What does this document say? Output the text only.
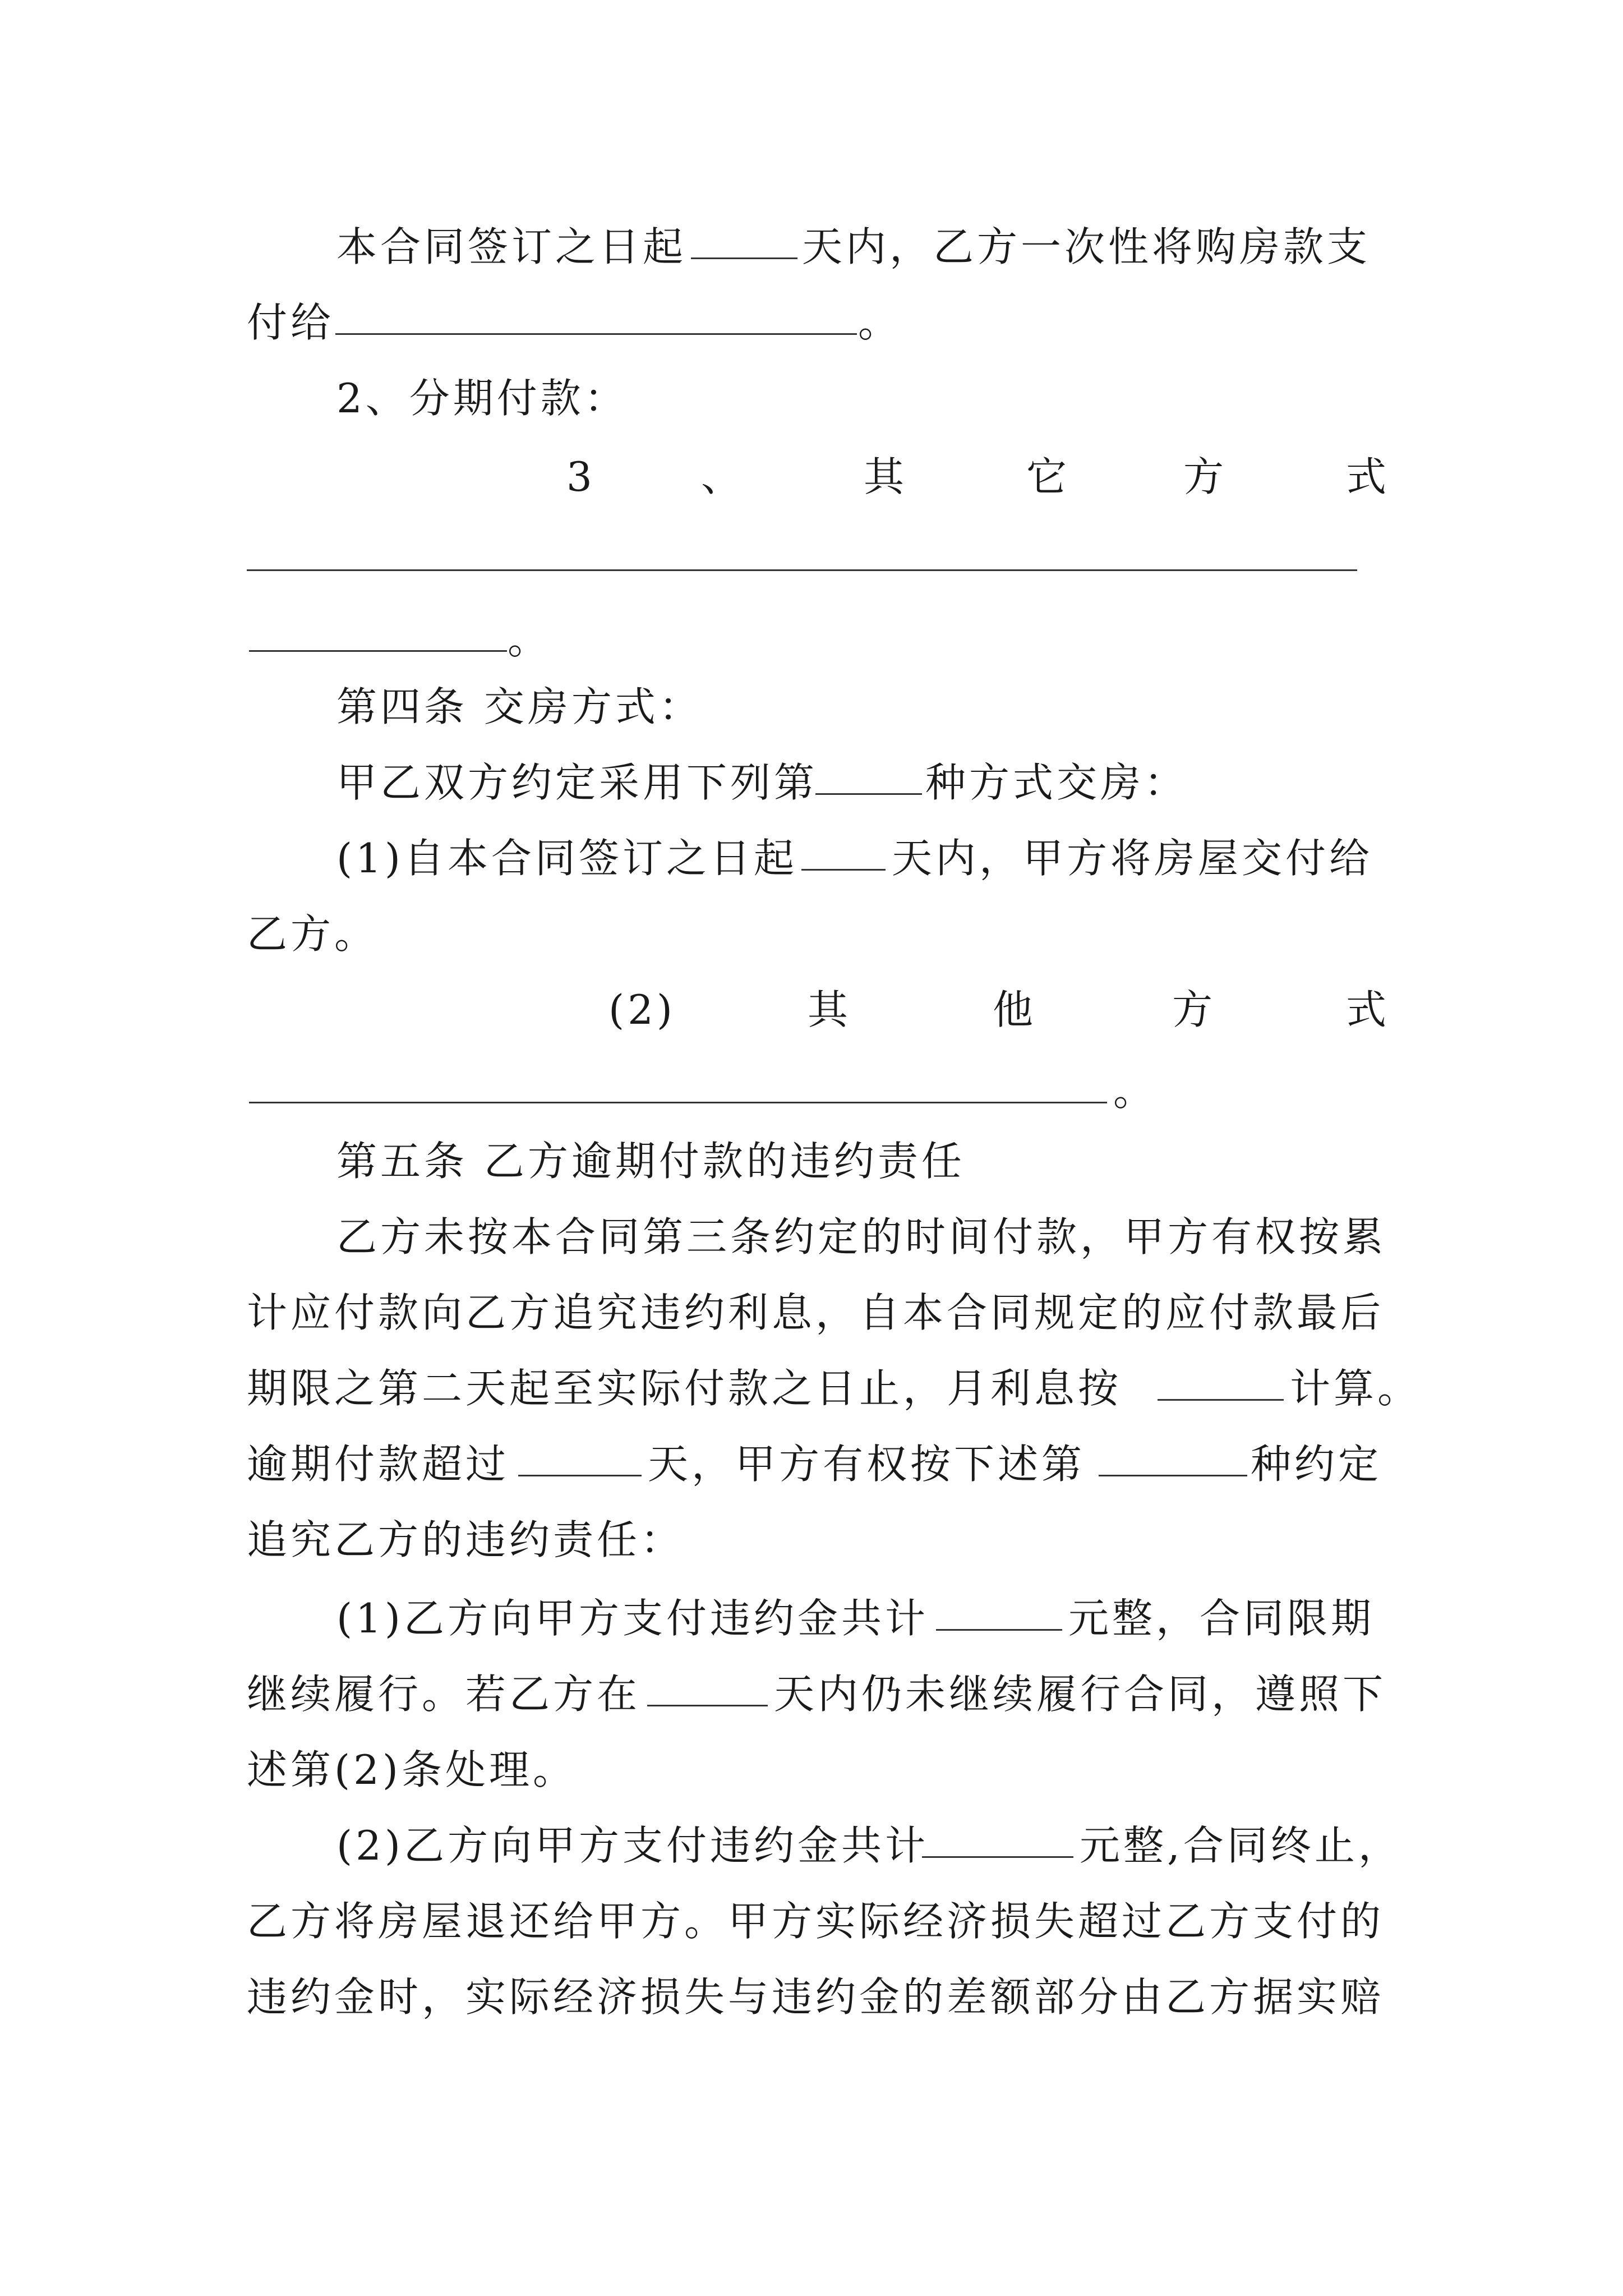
本合同签订之日起	天内，乙方一次性将购房款支
付给	。
2、分期付款：
3	、	其	它	方	式
。
第四条 交房方式：
甲乙双方约定采用下列第	种方式交房：
(1)自本合同签订之日起 天内，甲方将房屋交付给
乙方。
(2)	其	他	方	式
。
第五条 乙方逾期付款的违约责任
乙方未按本合同第三条约定的时间付款，甲方有权按累
计应付款向乙方追究违约利息，自本合同规定的应付款最后
期限之第二天起至实际付款之日止，月利息按	计算。
逾期付款超过	天，甲方有权按下述第	种约定
追究乙方的违约责任：
(1)乙方向甲方支付违约金共计	元整，合同限期
继续履行。若乙方在	天内仍未继续履行合同，遵照下
述第(2)条处理。
(2)乙方向甲方支付违约金共计	元整,合同终止，
乙方将房屋退还给甲方。甲方实际经济损失超过乙方支付的
违约金时，实际经济损失与违约金的差额部分由乙方据实赔
